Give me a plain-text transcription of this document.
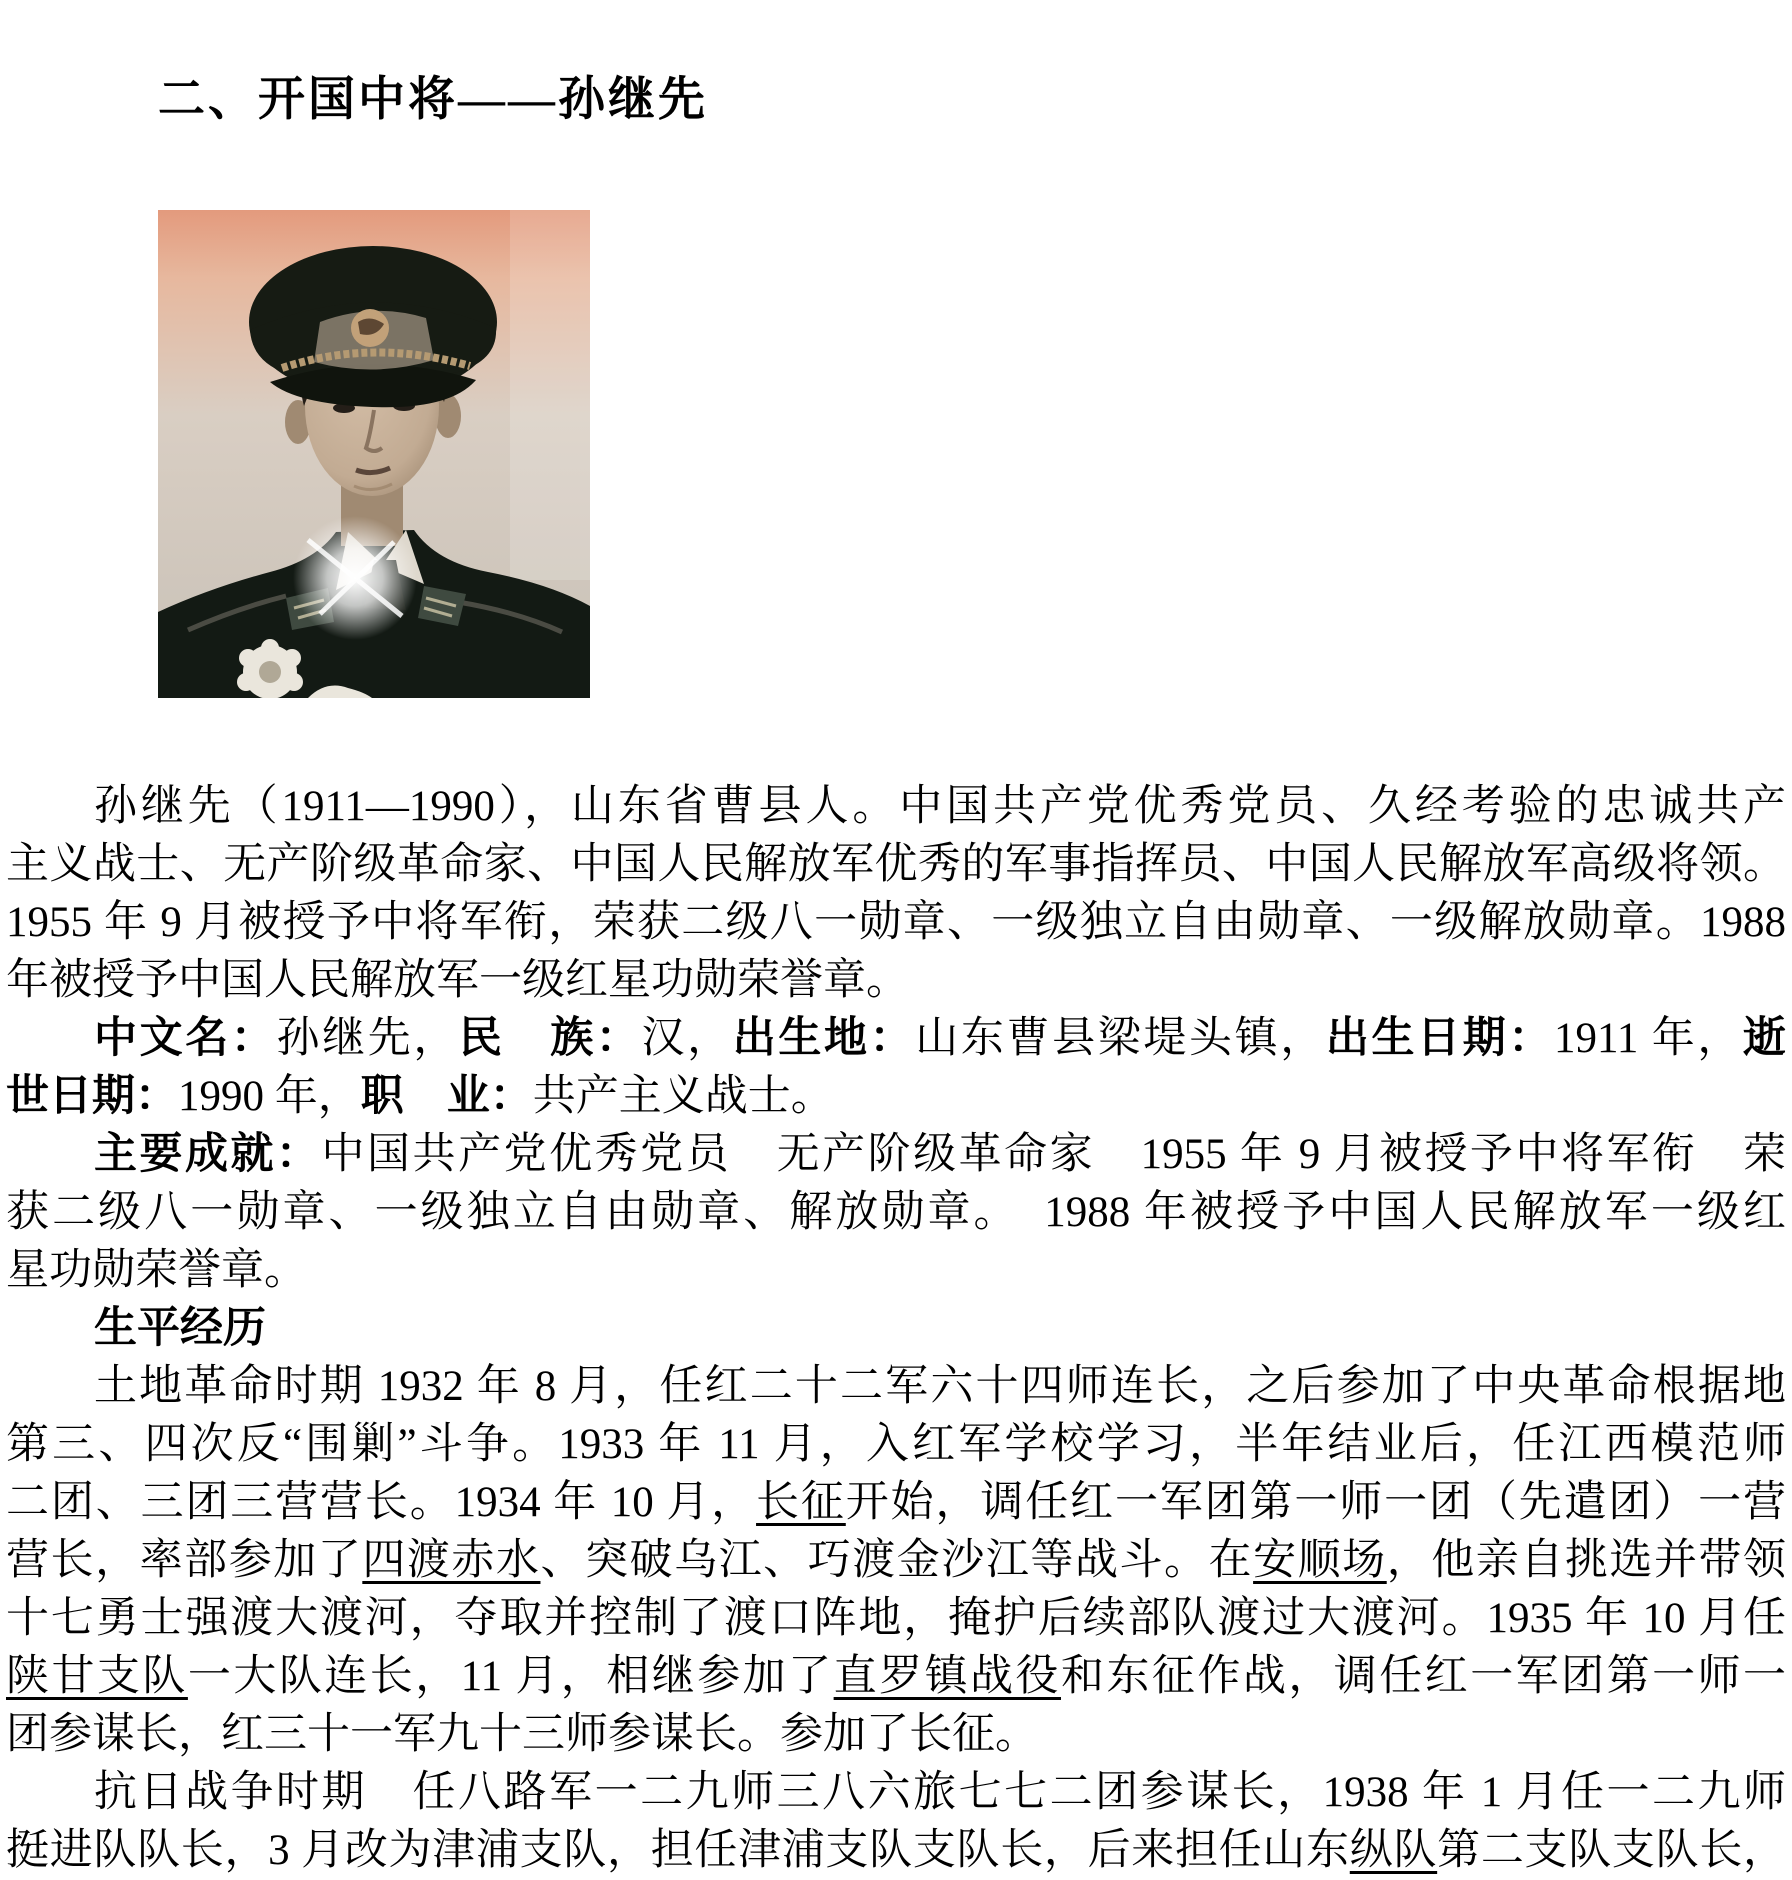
二、开国中将——孙继先
孙继先（1911—1990），山东省曹县人。中国共产党优秀党员、久经考验的忠诚共产
主义战士、无产阶级革命家、中国人民解放军优秀的军事指挥员、中国人民解放军高级将领。
1955 年 9 月被授予中将军衔，荣获二级八一勋章、一级独立自由勋章、一级解放勋章。1988
年被授予中国人民解放军一级红星功勋荣誉章。
中文名：孙继先，民　族：汉，出生地：山东曹县梁堤头镇，出生日期：1911 年，逝
世日期：1990 年，职　业：共产主义战士。
主要成就：中国共产党优秀党员　无产阶级革命家　1955 年 9 月被授予中将军衔　荣
获二级八一勋章、一级独立自由勋章、解放勋章。　1988 年被授予中国人民解放军一级红
星功勋荣誉章。
生平经历
土地革命时期 1932 年 8 月，任红二十二军六十四师连长，之后参加了中央革命根据地
第三、四次反“围剿”斗争。1933 年 11 月，入红军学校学习，半年结业后，任江西模范师
二团、三团三营营长。1934 年 10 月，长征开始，调任红一军团第一师一团（先遣团）一营
营长，率部参加了四渡赤水、突破乌江、巧渡金沙江等战斗。在安顺场，他亲自挑选并带领
十七勇士强渡大渡河，夺取并控制了渡口阵地，掩护后续部队渡过大渡河。1935 年 10 月任
陕甘支队一大队连长，11 月，相继参加了直罗镇战役和东征作战，调任红一军团第一师一
团参谋长，红三十一军九十三师参谋长。参加了长征。
抗日战争时期　任八路军一二九师三八六旅七七二团参谋长，1938 年 1 月任一二九师
挺进队队长，3 月改为津浦支队，担任津浦支队支队长，后来担任山东纵队第二支队支队长，
